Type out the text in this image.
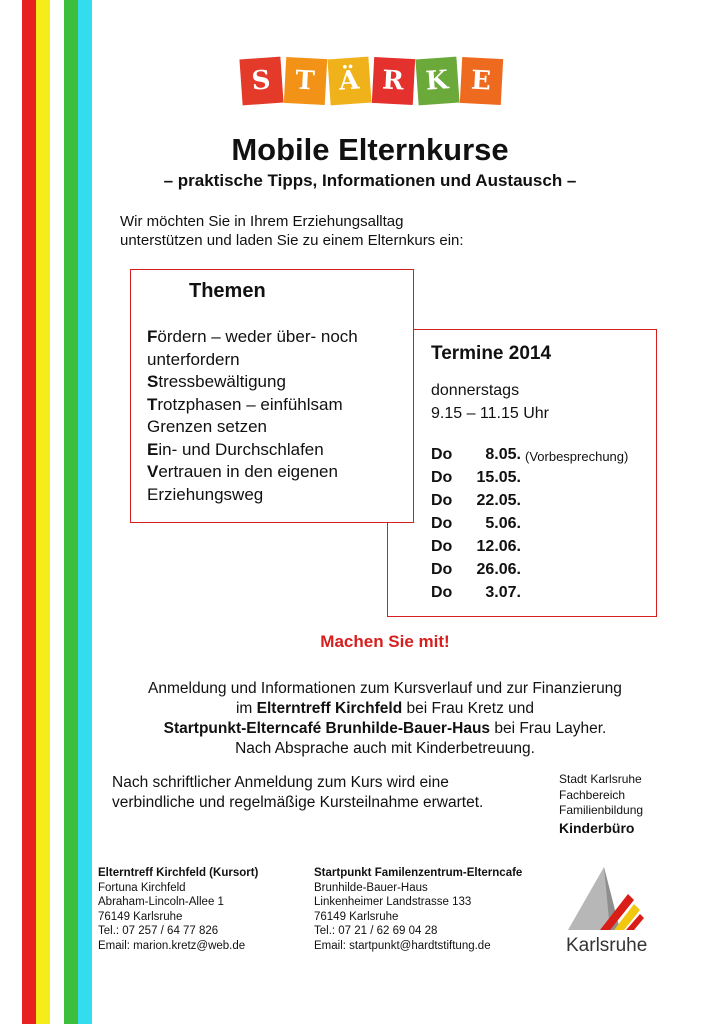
S T Ä R K E
Mobile Elternkurse
– praktische Tipps, Informationen und Austausch –
Wir möchten Sie in Ihrem Erziehungsalltag
unterstützen und laden Sie zu einem Elternkurs ein:
Themen
Fördern – weder über- noch
unterfordern
Stressbewältigung
Trotzphasen – einfühlsam
Grenzen setzen
Ein- und Durchschlafen
Vertrauen in den eigenen
Erziehungsweg
Termine 2014
donnerstags
9.15 – 11.15 Uhr
Do	8.05. (Vorbesprechung)
Do	15.05.
Do	22.05.
Do	5.06.
Do	12.06.
Do	26.06.
Do	3.07.
Machen Sie mit!
Anmeldung und Informationen zum Kursverlauf und zur Finanzierung
im Elterntreff Kirchfeld bei Frau Kretz und
Startpunkt-Elterncafé Brunhilde-Bauer-Haus bei Frau Layher.
Nach Absprache auch mit Kinderbetreuung.
Nach schriftlicher Anmeldung zum Kurs wird eine
verbindliche und regelmäßige Kursteilnahme erwartet.
Stadt Karlsruhe
Fachbereich
Familienbildung
Kinderbüro
Elterntreff Kirchfeld (Kursort)
Fortuna Kirchfeld
Abraham-Lincoln-Allee 1
76149 Karlsruhe
Tel.: 07 257 / 64 77 826
Email: marion.kretz@web.de
Startpunkt Familenzentrum-Elterncafe
Brunhilde-Bauer-Haus
Linkenheimer Landstrasse 133
76149 Karlsruhe
Tel.: 07 21 / 62 69 04 28
Email: startpunkt@hardtstiftung.de	Karlsruhe
